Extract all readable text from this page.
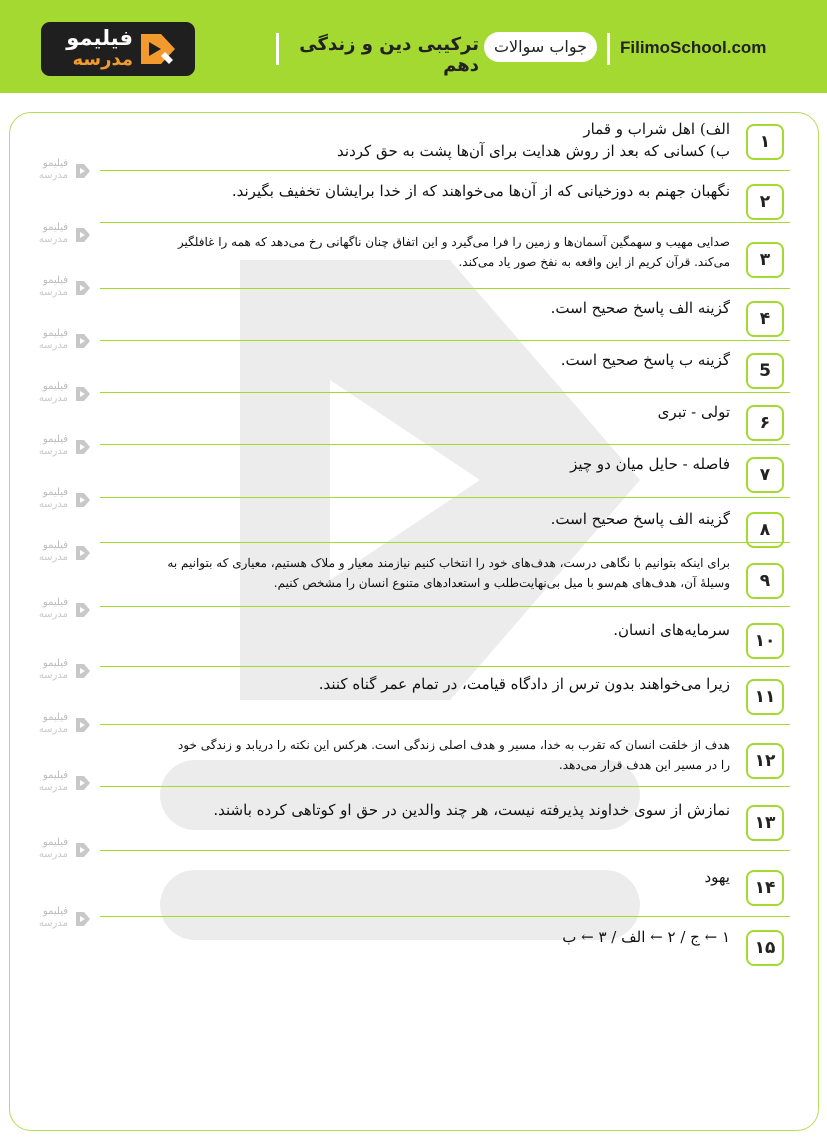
فیلیمو
مدرسه
ترکیبی دین و زندگی دهم
جواب سوالات	FilimoSchool.com
فیلیمو
مدرسه
فیلیمو
مدرسه
فیلیمو
مدرسه
فیلیمو
مدرسه
فیلیمو
مدرسه
فیلیمو
مدرسه
فیلیمو
مدرسه
فیلیمو
مدرسه
فیلیمو
مدرسه
فیلیمو
مدرسه
فیلیمو
مدرسه
فیلیمو
مدرسه
فیلیمو
مدرسه
فیلیمو
مدرسه
۱
الف) اهل شراب و قمار
ب) کسانی که بعد از روش هدایت برای آن‌ها پشت به حق کردند
۲
نگهبان جهنم به دوزخیانی که از آن‌ها می‌خواهند که از خدا برایشان تخفیف بگیرند.
۳
صدایی مهیب و سهمگین آسمان‌ها و زمین را فرا می‌گیرد و این اتفاق چنان ناگهانی رخ می‌دهد که همه را غافلگیر
می‌کند. قرآن کریم از این واقعه به نفخ صور یاد می‌کند.
۴
گزینه الف پاسخ صحیح است.
5
گزینه ب پاسخ صحیح است.
۶
تولی - تبری
۷
فاصله - حایل میان دو چیز
۸
گزینه الف پاسخ صحیح است.
۹
برای اینکه بتوانیم با نگاهی درست، هدف‌های خود را انتخاب کنیم نیازمند معیار و ملاک هستیم، معیاری که بتوانیم به
وسیلهٔ آن، هدف‌های هم‌سو با میل بی‌نهایت‌طلب و استعدادهای متنوع انسان را مشخص کنیم.
۱۰
سرمایه‌های انسان.
۱۱
زیرا می‌خواهند بدون ترس از دادگاه قیامت، در تمام عمر گناه کنند.
۱۲
هدف از خلقت انسان که تقرب به خدا، مسیر و هدف اصلی زندگی است. هرکس این نکته را دریابد و زندگی خود
را در مسیر این هدف قرار می‌دهد.
۱۳
نمازش از سوی خداوند پذیرفته نیست، هر چند والدین در حق او کوتاهی کرده باشند.
۱۴
یهود
۱۵
۱ ← ج / ۲ ← الف / ۳ ← ب
